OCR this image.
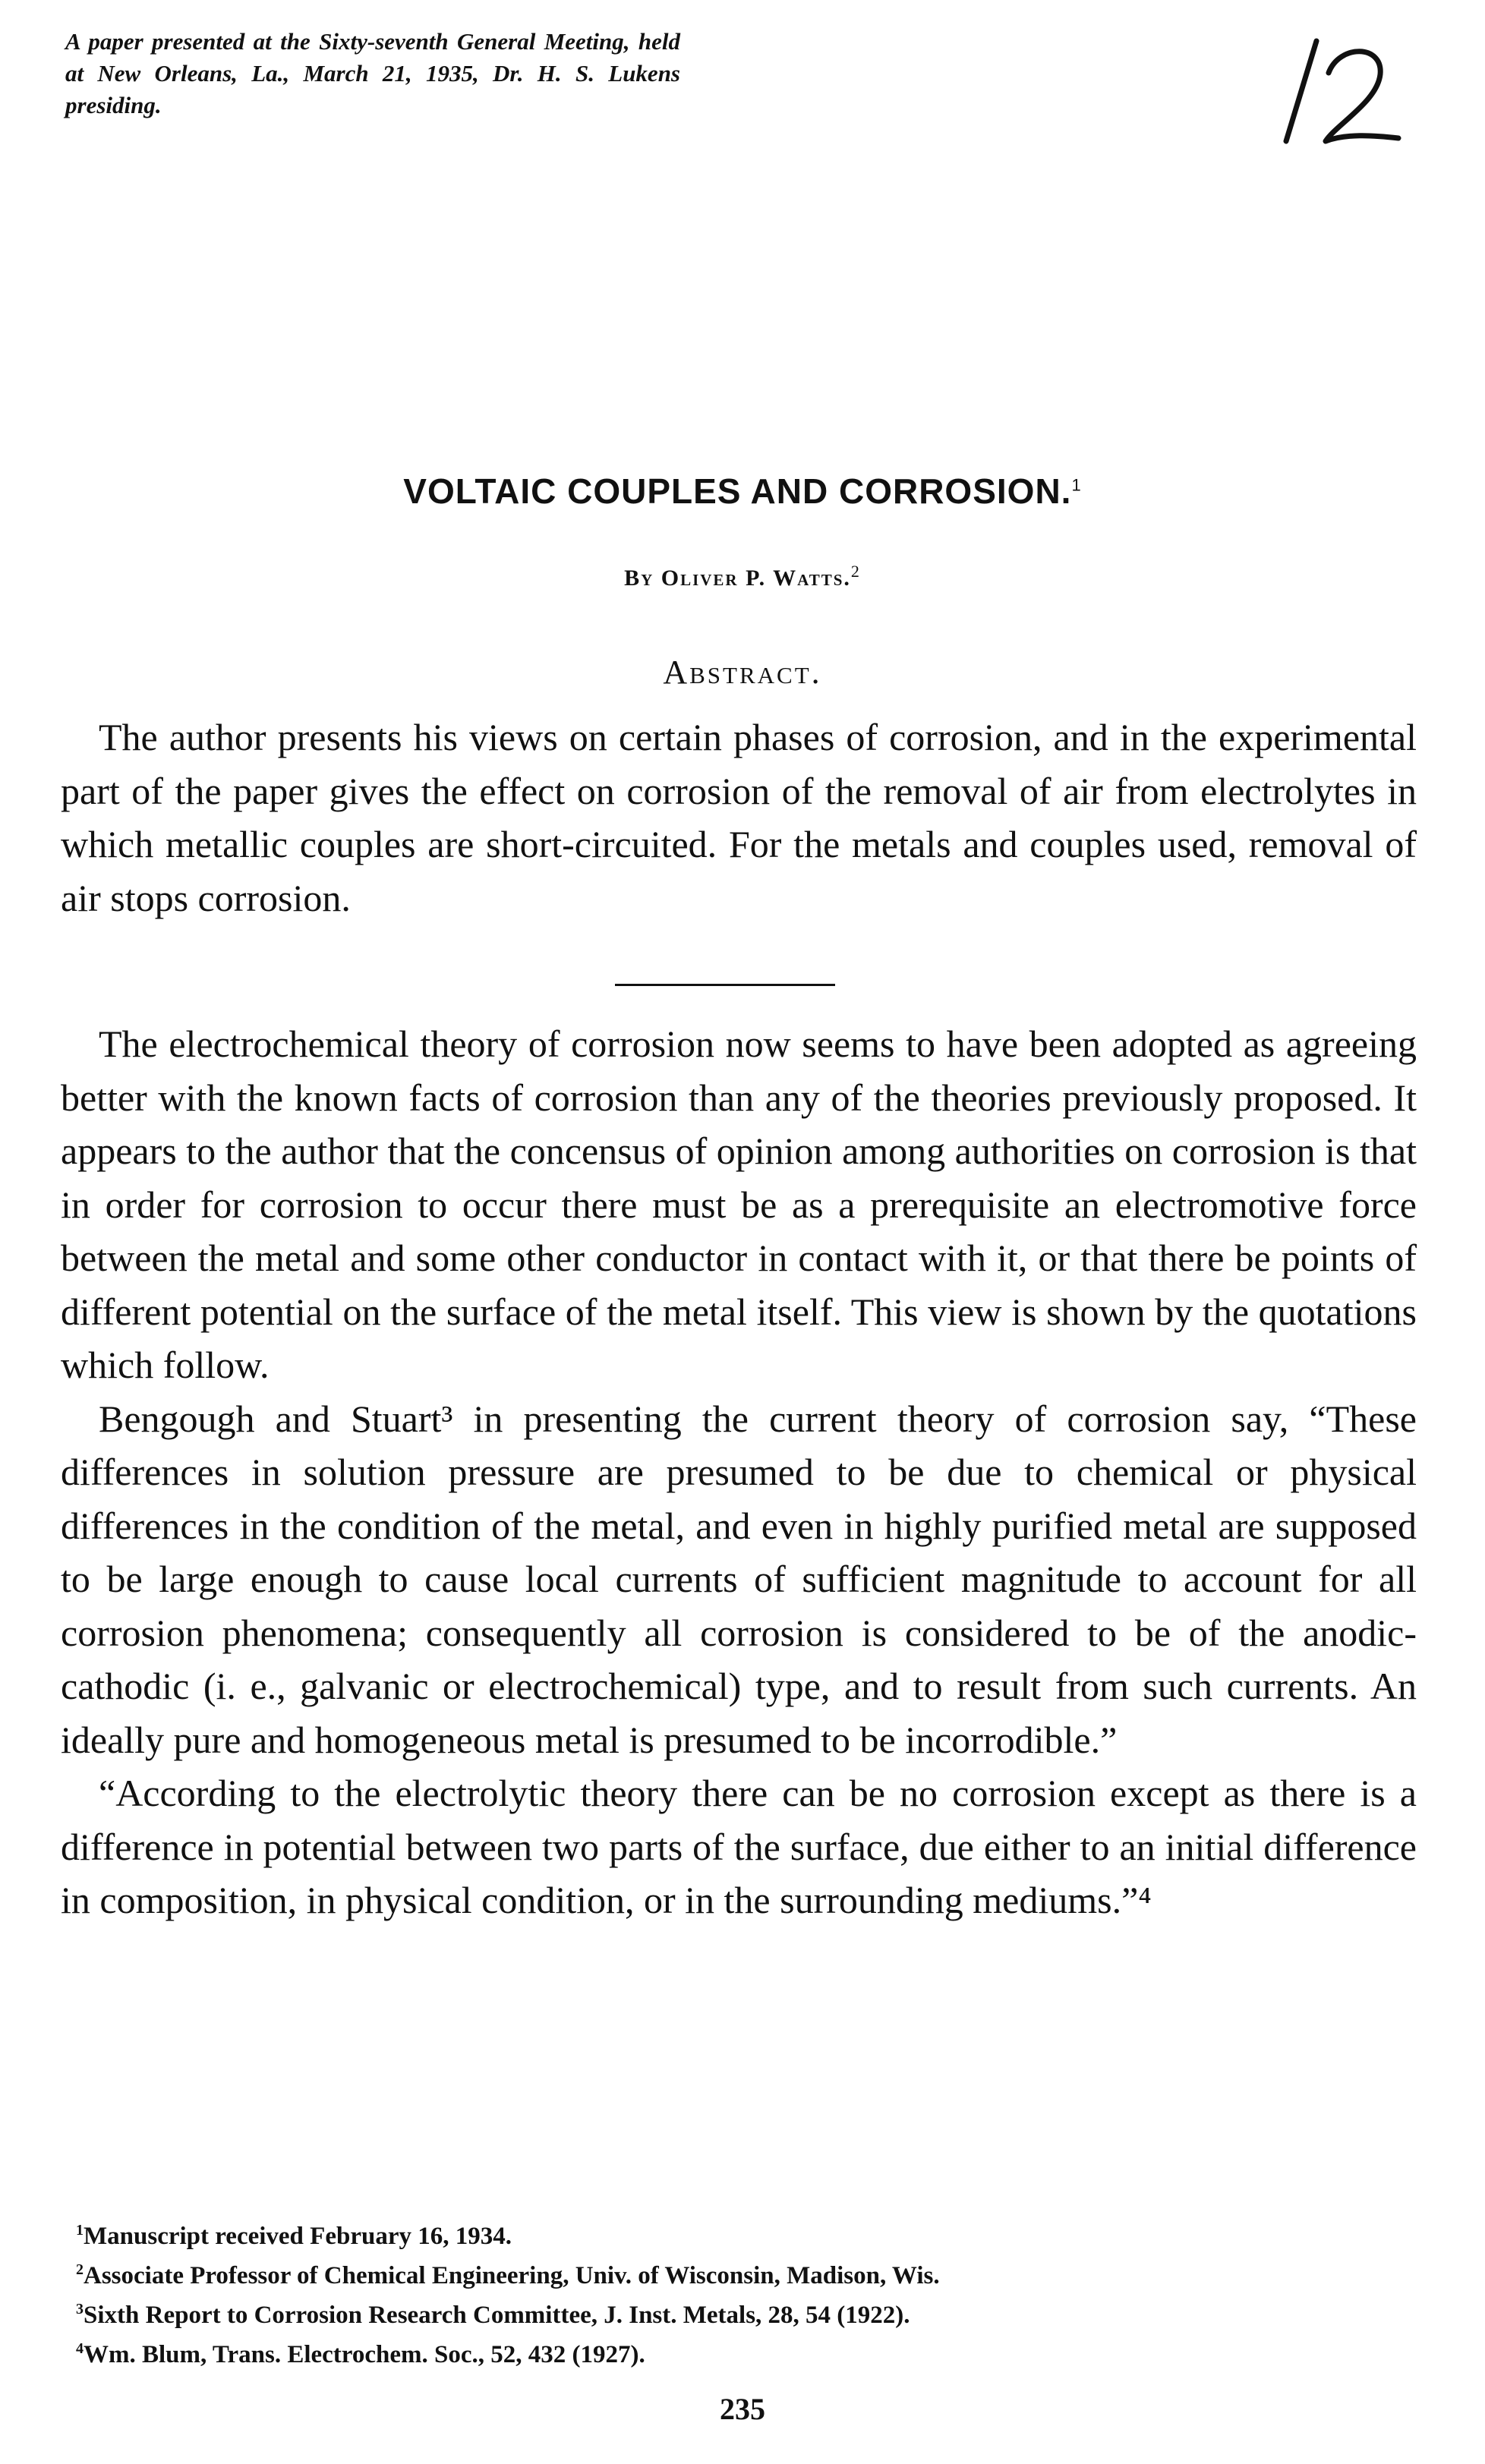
A paper presented at the Sixty-seventh General Meeting, held at New Orleans, La., March 21, 1935, Dr. H. S. Lukens presiding.
VOLTAIC COUPLES AND CORROSION.$^1$
By Oliver P. Watts.$^2$
Abstract.

The author presents his views on certain phases of corrosion, and in the experimental part of the paper gives the effect on corrosion of the removal of air from electrolytes in which metallic couples are short-circuited. For the metals and couples used, removal of air stops corrosion.

The electrochemical theory of corrosion now seems to have been adopted as agreeing better with the known facts of corrosion than any of the theories previously proposed. It appears to the author that the concensus of opinion among authorities on corrosion is that in order for corrosion to occur there must be as a prerequisite an electromotive force between the metal and some other conductor in contact with it, or that there be points of different potential on the surface of the metal itself. This view is shown by the quotations which follow.

Bengough and Stuart³ in presenting the current theory of corrosion say, “These differences in solution pressure are presumed to be due to chemical or physical differences in the condition of the metal, and even in highly purified metal are supposed to be large enough to cause local currents of sufficient magnitude to account for all corrosion phenomena; consequently all corrosion is considered to be of the anodic-cathodic (i. e., galvanic or electrochemical) type, and to result from such currents. An ideally pure and homogeneous metal is presumed to be incorrodible.”

“According to the electrolytic theory there can be no corrosion except as there is a difference in potential between two parts of the surface, due either to an initial difference in composition, in physical condition, or in the surrounding mediums.”⁴

$^1$Manuscript received February 16, 1934.
$^2$Associate Professor of Chemical Engineering, Univ. of Wisconsin, Madison, Wis.
$^3$Sixth Report to Corrosion Research Committee, J. Inst. Metals, 28, 54 (1922).
$^4$Wm. Blum, Trans. Electrochem. Soc., 52, 432 (1927).
235
